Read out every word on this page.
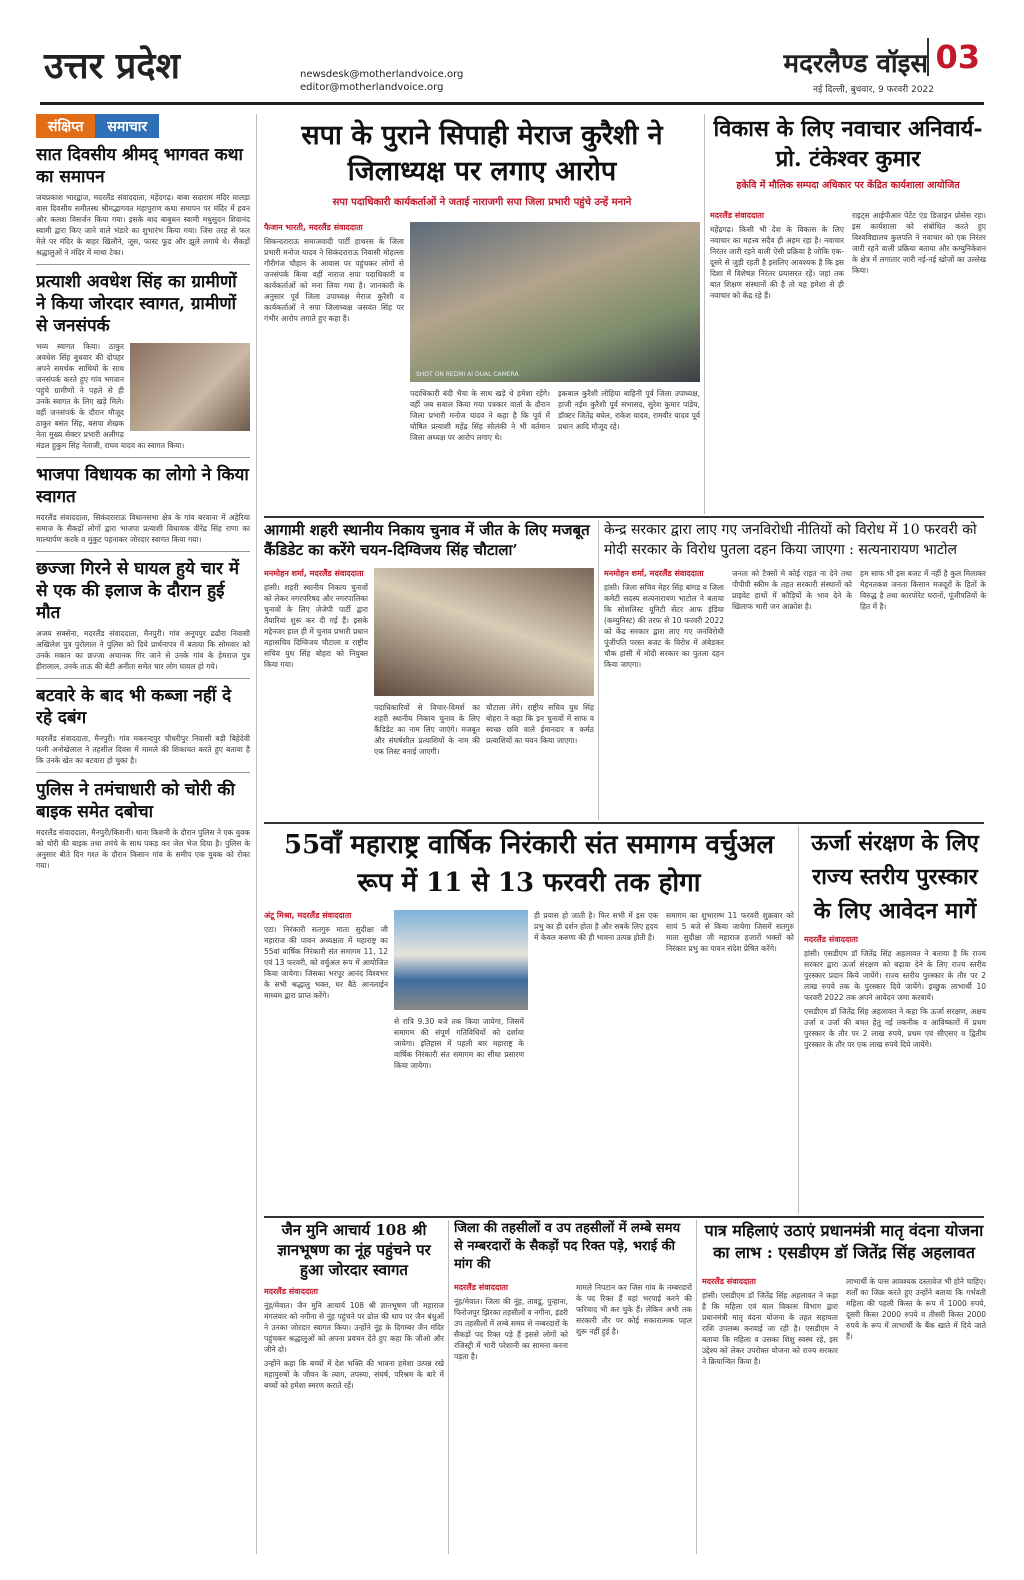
उत्तर प्रदेश	newsdesk@motherlandvoice.org
editor@motherlandvoice.org
मदरलैण्ड वॉइस 03
नई दिल्ली, बुधवार, 9 फरवरी 2022
संक्षिप्त	समाचार
सात दिवसीय श्रीमद् भागवत कथा का समापन
जयप्रकाश भारद्वाज, मदरलैंड संवाददाता, महेंदगढ़। बाबा सदाराम मंदिर मालड़ा बास दिवसीय समीतस्थ श्रीमद्भागवत महापुराण कथा समापन पर मंदिर में हवन और कलश विसर्जन किया गया। इसके बाद बाबुधन स्वामी मधुसुदन शिवानंद स्वामी द्वारा किए जाने वाले भंडारे का शुभारंभ किया गया। जिस तरह से फल मेले पर मंदिर के बाहर खिलौने, जूस, फास्ट फूड और झूले लगाये थे। सैंकड़ों श्रद्धालुओं ने मंदिर में माथा टेका।
प्रत्याशी अवधेश सिंह का ग्रामीणों ने किया जोरदार स्वागत, ग्रामीणों से जनसंपर्क
भव्य स्वागत किया। ठाकुर अवधेश सिंह बुधवार की दोपहर अपने समर्थक साथियों के साथ जनसंपर्क करते हुए गांव भगवान पहुंचे ग्रामीणों ने पहले से ही उनके स्वागत के लिए खड़े मिले। वहीं जनसंपर्क के दौरान मौजूद ठाकुर बसंत सिंह, बसपा शेखक नेता मुख्य सेक्टर प्रभारी अलीगढ़ मंडल हुकुम सिंह नेताजी, राघव यादव का स्वागत किया।
भाजपा विधायक का लोगो ने किया स्वागत
मदरलैंड संवाददाता, सिकंदराराऊ विधानसभा क्षेत्र के गांव बरवाना में अहेरिया समाज के सैकड़ों लोगों द्वारा भाजपा प्रत्याशी विधायक वीरेंद्र सिंह राणा का माल्यार्पण करके व मुकुट पहनाकर जोरदार स्वागत किया गया।
छज्जा गिरने से घायल हुये चार में से एक की इलाज के दौरान हुई मौत
अजय सक्सेना, मदरलैंड संवाददाता, मैनपुरी। गांव अनूपपुर ढढौरा निवासी अखिलेश पुत्र पुरोलाल ने पुलिस को दिये प्रार्थनापत्र में बताया कि सोमवार को उनके मकान का छज्जा अचानक गिर जाने से उनके गांव के हेमराज पुत्र हीरालाल, उनके ताऊ की बेटी अनीता समेत चार लोग घायल हो गये।
बटवारे के बाद भी कब्जा नहीं दे रहे दबंग
मदरलैंड संवाददाता, मैनपुरी। गांव मकरन्दपुर चौधरीपुर निवासी बड़ी बिहेदेवी पत्नी अनोखेलाल ने तहसील दिवस में मामले की शिकायत करते हुए बताया है कि उनके खेत का बटवारा हो चुका है।
पुलिस ने तमंचाधारी को चोरी की बाइक समेत दबोचा
मदरलैंड संवाददाता, मैनपुरी/किशनी। थाना किशनी के दौरान पुलिस ने एक युवक को चोरी की बाइक तथा तमंचे के साथ पकड़ कर जेल भेज दिया है। पुलिस के अनुसार बीते दिन गश्त के दौरान किसान गांव के समीप एक युवक को रोका गया।
सपा के पुराने सिपाही मेराज कुरैशी ने जिलाध्यक्ष पर लगाए आरोप
सपा पदाधिकारी कार्यकर्ताओं ने जताई नाराजगी सपा जिला प्रभारी पहुंचे उन्हें मनाने
फैजान भारती, मदरलैंड संवाददाता
सिकन्दराराऊ समाजवादी पार्टी हाथरस के जिला प्रभारी मनोज यादव ने सिकंदराराऊ निवासी मोहल्ला गौरीगंज चौहान के आवास पर पहुंचकर लोगों से जनसंपर्क किया वहीं नाराज सपा पदाधिकारी व कार्यकर्ताओं को मना लिया गया है। जानकारी के अनुसार पूर्व जिला उपाध्यक्ष मेराज कुरैशी व कार्यकर्ताओं ने सपा जिलाध्यक्ष जसवंत सिंह पर गंभीर आरोप लगाते हुए कहा है।
SHOT ON REDMI AI DUAL CAMERA
पदाधिकारी बंदी भैया के साथ खड़े थे हमेशा रहेंगे। वहीं जब सवाल किया गया पत्रकार वार्ता के दौरान जिला प्रभारी मनोज यादव ने कहा है कि पूर्व में घोषित प्रत्याशी महेंद्र सिंह सोलंकी ने भी वर्तमान जिला अध्यक्ष पर आरोप लगाए थे।
इकबाल कुरैशी लोहिया वाहिनी पूर्व जिला उपाध्यक्ष, हाजी नईम कुरैशी पूर्व सभासद, सुरेश कुमार पांडेय, डॉक्टर जितेंद्र बघेल, राकेश यादव, रामवीर यादव पूर्व प्रधान आदि मौजूद रहे।
विकास के लिए नवाचार अनिवार्य-प्रो. टंकेश्वर कुमार
हकेवि में मौलिक सम्पदा अधिकार पर केंद्रित कार्यशाला आयोजित
मदरलैंड संवाददाता
महेंद्रगढ़। किसी भी देश के विकास के लिए नवाचार का महत्त्व सदैव ही अहम रहा है। नवाचार निरंतर जारी रहने वाली ऐसी प्रक्रिया है जोकि एक-दूसरे से जुड़ी रहती है इसलिए आवश्यक है कि इस दिशा में विशेषज्ञ निरंतर प्रयासरत रहें। जहां तक बात शिक्षण संस्थानों की है तो यह हमेशा से ही नवाचार को केंद्र रहे हैं।
राइट्स आईपीआर पेटेंट एंड डिजाइन प्रोसेस रहा। इस कार्यशाला को संबोधित करते हुए विश्वविद्यालय कुलपति ने नवाचार को एक निरंतर जारी रहने वाली प्रक्रिया बताया और कम्युनिकेशन के क्षेत्र में लगातार जारी नई-नई खोजों का उल्लेख किया।
आगामी शहरी स्थानीय निकाय चुनाव में जीत के लिए मजबूत कैंडिडेट का करेंगे चयन-दिग्विजय सिंह चौटाला’
मनमोहन शर्मा, मदरलैंड संवाददाता
हांसी। शहरी स्थानीय निकाय चुनावों को लेकर नगरपरिषद और नगरपालिका चुनावों के लिए जेजेपी पार्टी द्वारा तैयारियां शुरू कर दी गई हैं। इसके मद्देनजर हाल ही में चुनाव प्रभारी प्रधान महासचिव दिग्विजय चौटाला व राष्ट्रीय सचिव युध सिंह बोहरा को नियुक्त किया गया।
पदाधिकारियों से विचार-विमर्श का शहरी स्थानीय निकाय चुनाव के लिए कैंडिडेट का नाम लिए जाएंगे। मजबूत और संघर्षशील प्रत्याशियों के नाम की एक लिस्ट बनाई जाएगी।
चौटाला लेंगे। राष्ट्रीय सचिव युध सिंह बोहरा ने कहा कि इन चुनावों में साफ व स्वच्छ छवि वाले ईमानदार व कर्मठ प्रत्याशियों का चयन किया जाएगा।
केन्द्र सरकार द्वारा लाए गए जनविरोधी नीतियों को विरोध में 10 फरवरी को मोदी सरकार के विरोध पुतला दहन किया जाएगा : सत्यनारायण भाटोल
मनमोहन शर्मा, मदरलैंड संवाददाता
हांसी। जिला सचिव मेहर सिंह बांगड़ व जिला कमेटी सदस्य सत्यनारायण भाटोल ने बताया कि सोशलिस्ट यूनिटी सेंटर आफ इंडिया (कम्युनिस्ट) की तरफ से 10 फरवरी 2022 को केंद्र सरकार द्वारा लाए गए जनविरोधी पूंजीपति परस्त बजट के विरोध में अंबेडकर चौक हांसी में मोदी सरकार का पुतला दहन किया जाएगा।
जनता को टैक्सों मे कोई राहत ना देने तथा पीपीपी स्कीम के तहत सरकारी संस्थानों को प्राइवेट हाथों में कौड़ियों के भाव देने के खिलाफ भारी जन आक्रोश है।
हम साफ भी इस बजट में नहीं है कुल मिलाकर मेहनतकश जनता किसान मजदूरों के हितों के विरुद्ध है तथा कारपोरेट घरानों, पूंजीपतियों के हित में है।
55वाँ महाराष्ट्र वार्षिक निरंकारी संत समागम वर्चुअल रूप में 11 से 13 फरवरी तक होगा
अंटू मिश्रा, मदरलैंड संवाददाता
एटा। निरंकारी सतगुरु माता सुदीक्षा जी महाराज की पावन अध्यक्षता में महाराष्ट्र का 55वां वार्षिक निरंकारी संत समागम 11, 12 एवं 13 फरवरी, को वर्चुअल रूप में आयोजित किया जायेगा। जिसका भरपूर आनंद विश्वभर के सभी श्रद्धालु भक्त, घर बैठे आनलाईन माध्यम द्वारा प्राप्त करेंगे।
से रात्रि 9.30 बजे तक किया जायेगा, जिसमें समागम की संपूर्ण गतिविधियों को दर्शाया जायेगा। इतिहास में पहली बार महाराष्ट्र के वार्षिक निरंकारी संत समागम का सीधा प्रसारण किया जायेगा।
ही प्रयास हो जाती है। फिर सभी में इस एक प्रभु का ही दर्शन होता है और सबके लिए हृदय में केवल करुणा की ही भावना उत्पन्न होती है।
समागम का शुभारम्भ 11 फरवरी शुक्रवार को सायं 5 बजे से किया जायेगा जिसमें सतगुरु माता सुदीक्षा जी महाराज हजारों भक्तों को निरंकार प्रभु का पावन संदेश प्रेषित करेंगे।
ऊर्जा संरक्षण के लिए राज्य स्तरीय पुरस्कार के लिए आवेदन मागें
मदरलैंड संवाददाता
हांसी। एसडीएम डॉ जितेंद्र सिंह अहलावत ने बताया है कि राज्य सरकार द्वारा ऊर्जा संरक्षण को बढ़ावा देने के लिए राज्य स्तरीय पुरस्कार प्रदान किये जायेंगे। राज्य स्तरीय पुरस्कार के तौर पर 2 लाख रुपये तक के पुरस्कार दिये जायेंगे। इच्छुक लाभार्थी 10 फरवरी 2022 तक अपने आवेदन जमा करवायें।
एसडीएम डॉ जितेंद्र सिंह अहलावत ने कहा कि ऊर्जा सरक्षण, अक्षय उर्जा व उर्जा की बचत हेतु नई तकनीक व आविष्कारों में प्रथम पुरस्कार के तौर पर 2 लाख रुपये, प्रथम एवं सीएसए व द्वितीय पुरस्कार के तौर पर एक लाख रुपये दिये जायेंगे।
जैन मुनि आचार्य 108 श्री ज्ञानभूषण का नूंह पहुंचने पर हुआ जोरदार स्वागत
मदरलैंड संवाददाता
नूंह/मेवात। जैन मुनि आचार्य 108 श्री ज्ञानभूषण जी महाराज मंगलवार को नगीना से नूंह पहुंचने पर ढोल की थाप पर जैन बंधुओं ने उनका जोरदार स्वागत किया। उन्होंने नूंह के दिगम्बर जैन मंदिर पहुंचकर श्रद्धालुओं को अपना प्रवचन देते हुए कहा कि जीओ और जीने दो।
उन्होंने कहा कि बच्चों में देश भक्ति की भावना हमेशा उत्पन्न रखे महापुरुषों के जीवन के त्याग, तपस्या, संघर्ष, परिश्रम के बारे में बच्चों को हमेशा स्मरण कराते रहें।
जिला की तहसीलों व उप तहसीलों में लम्बे समय से नम्बरदारों के सैकड़ों पद रिक्त पड़े, भराई की मांग की
मदरलैंड संवाददाता
नूंह/मेवात। जिला की नूंह, तावडू, पुन्हाना, फिरोजपुर झिरका तहसीलों व नगीना, इंडरी उप तहसीलों में लम्बे समय से नम्बरदारों के सैकड़ों पद रिक्त पड़े हैं इससे लोगों को रजिस्ट्री में भारी परेशानी का सामना करना पड़ता है।
मामले निपटान कर जिस गांव के नम्बरदारों के पद रिक्त हैं वहां भरपाई करने की फरियाद भी कर चुके हैं। लेकिन अभी तक सरकारी तौर पर कोई सकारात्मक पहल शुरू नहीं हुई है।
पात्र महिलाएं उठाएं प्रधानमंत्री मातृ वंदना योजना का लाभ : एसडीएम डॉ जितेंद्र सिंह अहलावत
मदरलैंड संवाददाता
हांसी। एसडीएम डॉ जितेंद्र सिंह अहलावत ने कहा है कि महिला एवं बाल विकास विभाग द्वारा प्रधानमंत्री मातृ वंदना योजना के तहत सहायता राशि उपलब्ध करवाई जा रही है। एसडीएम ने बताया कि महिला व उसका शिशु स्वस्थ रहे, इस उद्देश्य को लेकर उपरोक्त योजना को राज्य सरकार ने क्रियान्वित किया है।
लाभार्थी के पास आवश्यक दस्तावेज भी होने चाहिए। शर्तों का जिक्र करते हुए उन्होंने बताया कि गर्भवती महिला की पहली किस्त के रूप में 1000 रुपये, दूसरी किस्त 2000 रुपये व तीसरी किस्त 2000 रुपये के रूप में लाभार्थी के बैंक खाते में दिये जाते हैं।
